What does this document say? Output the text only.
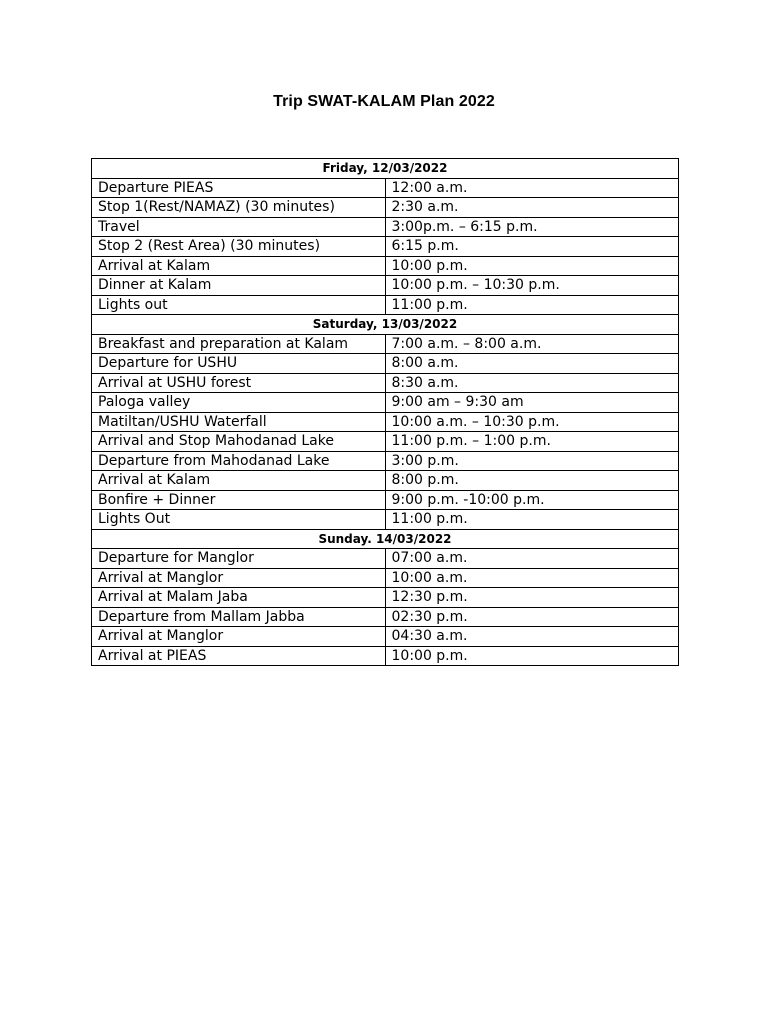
Trip SWAT-KALAM Plan 2022
Friday, 12/03/2022	
Departure PIEAS	12:00 a.m.
Stop 1(Rest/NAMAZ) (30 minutes)	2:30 a.m.
Travel	3:00p.m. – 6:15 p.m.
Stop 2 (Rest Area) (30 minutes)	6:15 p.m.
Arrival at Kalam	10:00 p.m.
Dinner at Kalam	10:00 p.m. – 10:30 p.m.
Lights out	11:00 p.m.
Saturday, 13/03/2022	
Breakfast and preparation at Kalam	7:00 a.m. – 8:00 a.m.
Departure for USHU	8:00 a.m.
Arrival at USHU forest	8:30 a.m.
Paloga valley	9:00 am – 9:30 am
Matiltan/USHU Waterfall	10:00 a.m. – 10:30 p.m.
Arrival and Stop Mahodanad Lake	11:00 p.m. – 1:00 p.m.
Departure from Mahodanad Lake	3:00 p.m.
Arrival at Kalam	8:00 p.m.
Bonfire + Dinner	9:00 p.m. -10:00 p.m.
Lights Out	11:00 p.m.
Sunday. 14/03/2022	
Departure for Manglor	07:00 a.m.
Arrival at Manglor	10:00 a.m.
Arrival at Malam Jaba	12:30 p.m.
Departure from Mallam Jabba	02:30 p.m.
Arrival at Manglor	04:30 a.m.
Arrival at PIEAS	10:00 p.m.
